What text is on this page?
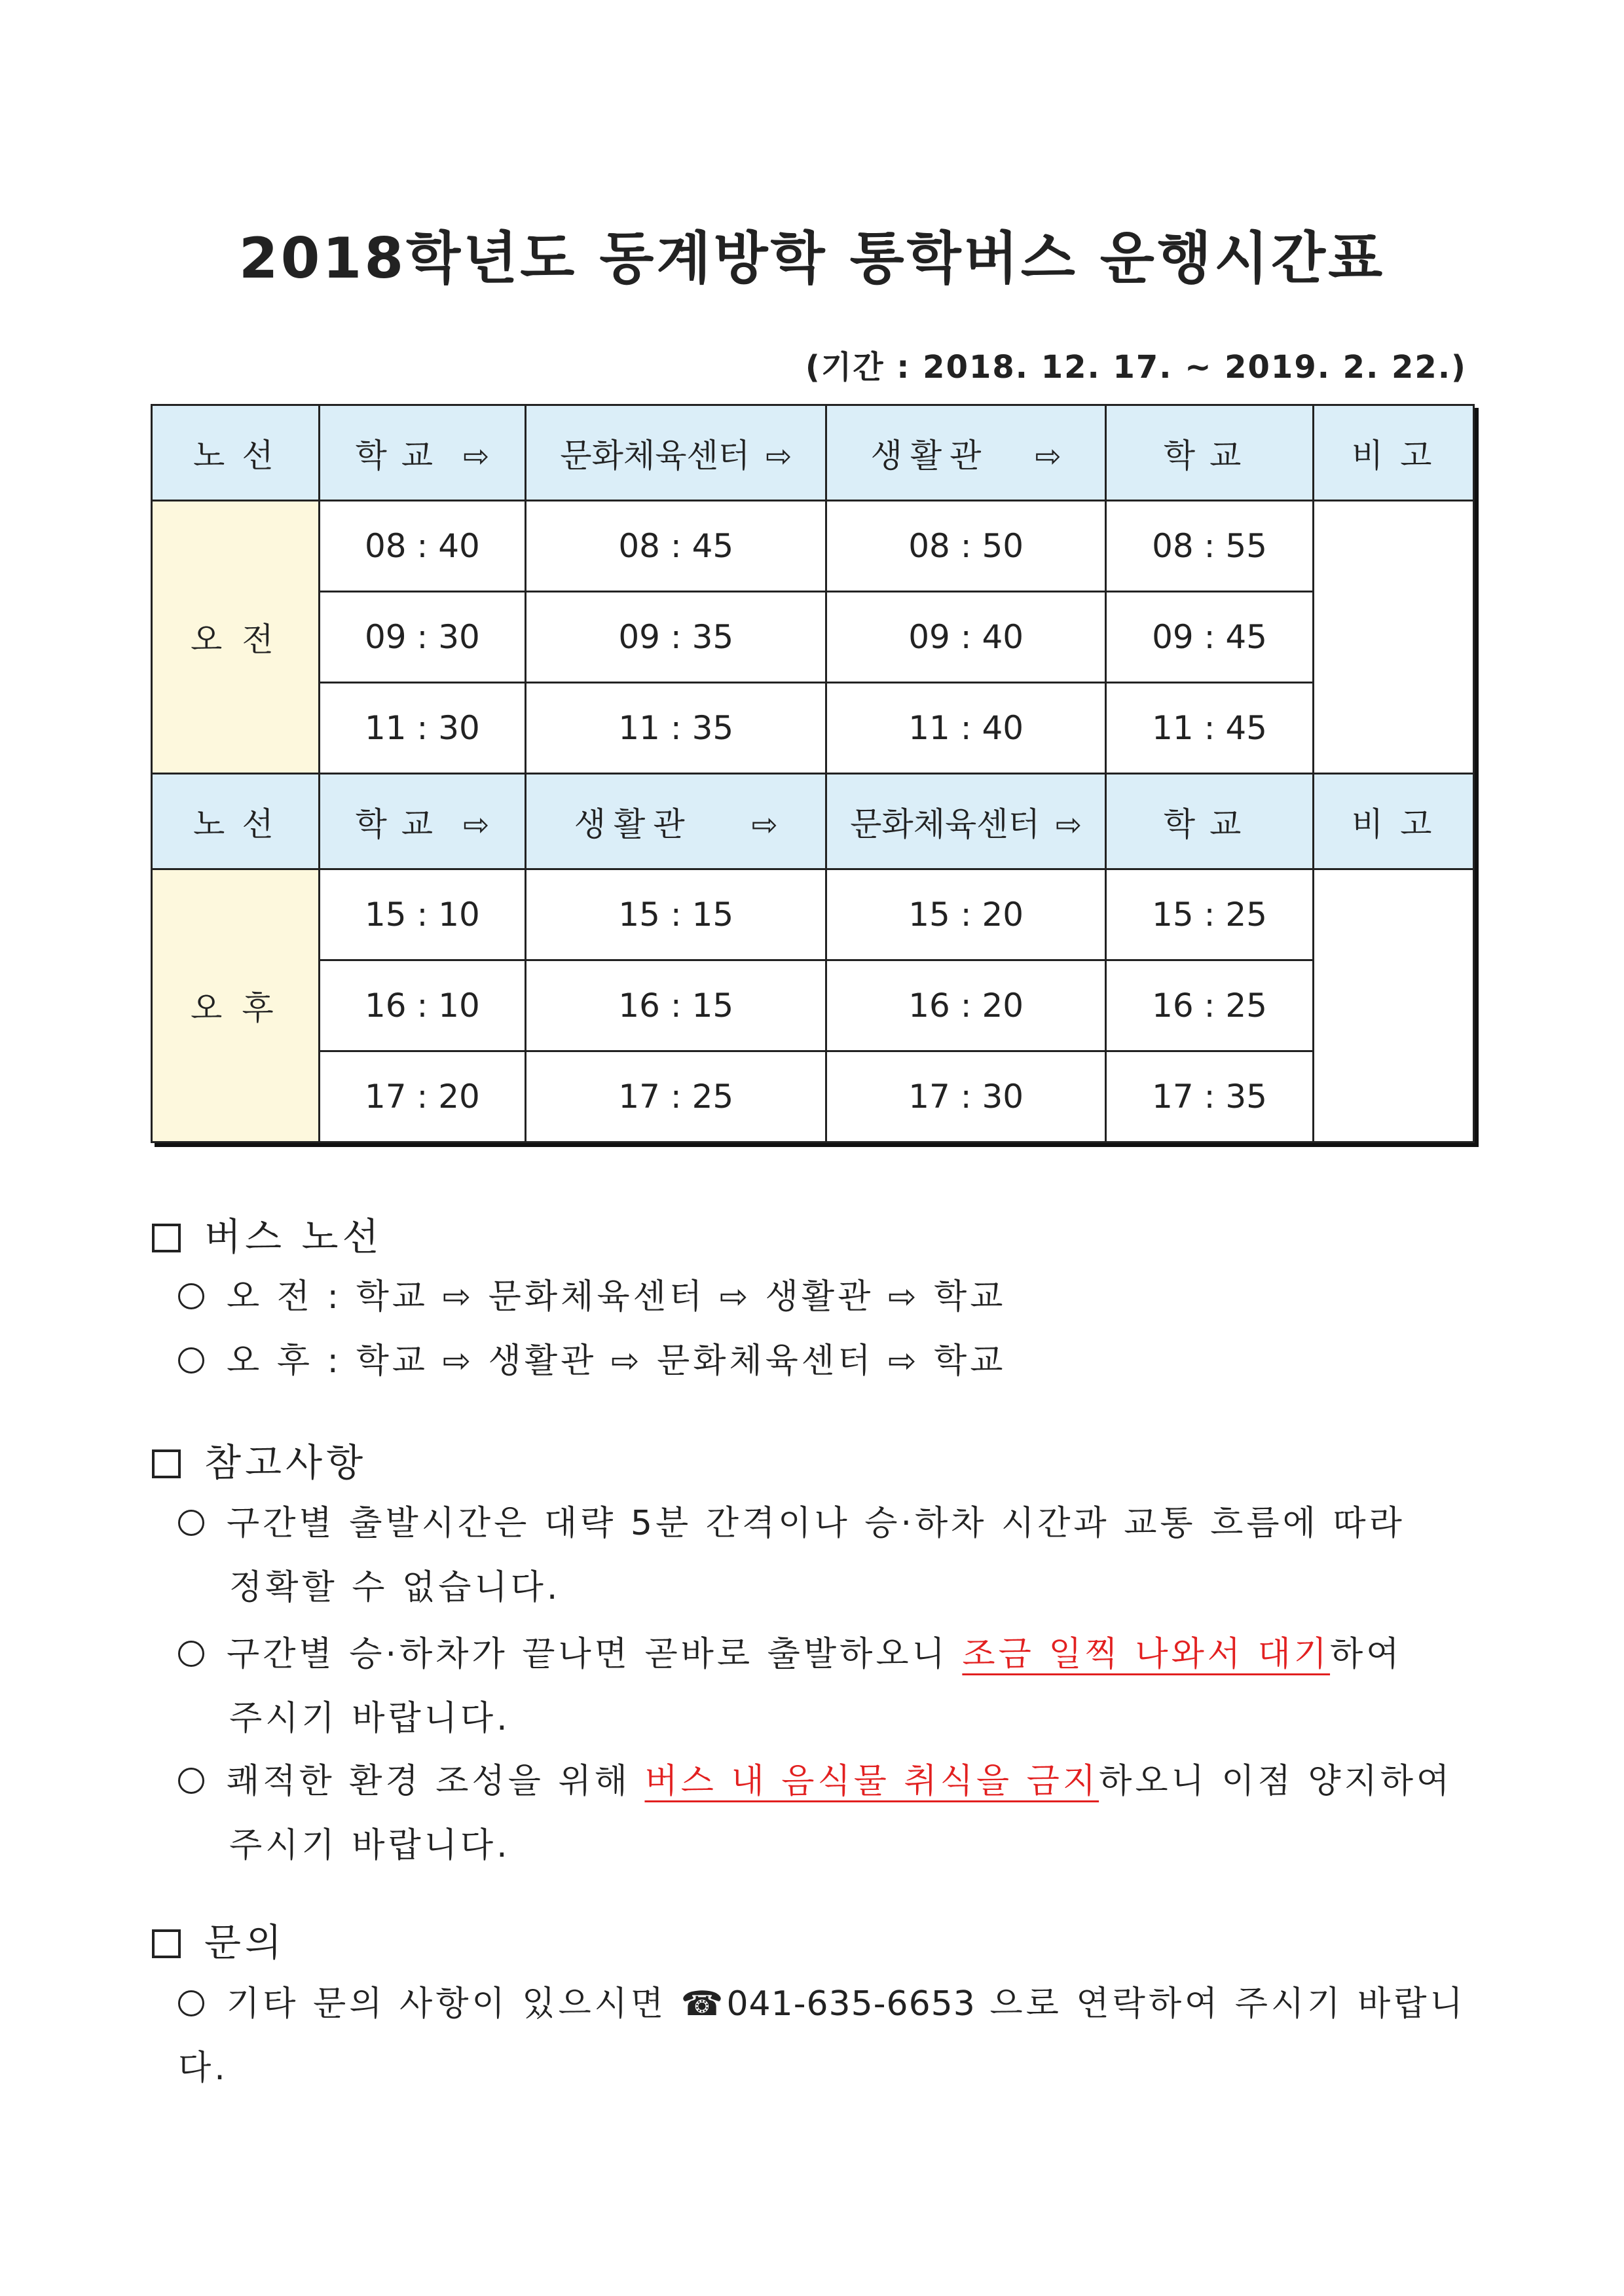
2018학년도 동계방학 통학버스 운행시간표
(기간 : 2018. 12. 17. ~ 2019. 2. 22.)
노선	학교 ⇨	문화체육센터 ⇨	생활관 ⇨	학교	비고
오전	08 : 40	08 : 45	08 : 50	08 : 55	
	09 : 30	09 : 35	09 : 40	09 : 45	
	11 : 30	11 : 35	11 : 40	11 : 45	
노선	학교 ⇨	생활관 ⇨	문화체육센터 ⇨	학교	비고
오후	15 : 10	15 : 15	15 : 20	15 : 25	
	16 : 10	16 : 15	16 : 20	16 : 25	
	17 : 20	17 : 25	17 : 30	17 : 35	
버스 노선
오 전 : 학교 ⇨ 문화체육센터 ⇨ 생활관 ⇨ 학교
오 후 : 학교 ⇨ 생활관 ⇨ 문화체육센터 ⇨ 학교
참고사항
구간별 출발시간은 대략 5분 간격이나 승·하차 시간과 교통 흐름에 따라
정확할 수 없습니다.
구간별 승·하차가 끝나면 곧바로 출발하오니 조금 일찍 나와서 대기하여
주시기 바랍니다.
쾌적한 환경 조성을 위해 버스 내 음식물 취식을 금지하오니 이점 양지하여
주시기 바랍니다.
문의
기타 문의 사항이 있으시면 ☎041-635-6653 으로 연락하여 주시기 바랍니다.
